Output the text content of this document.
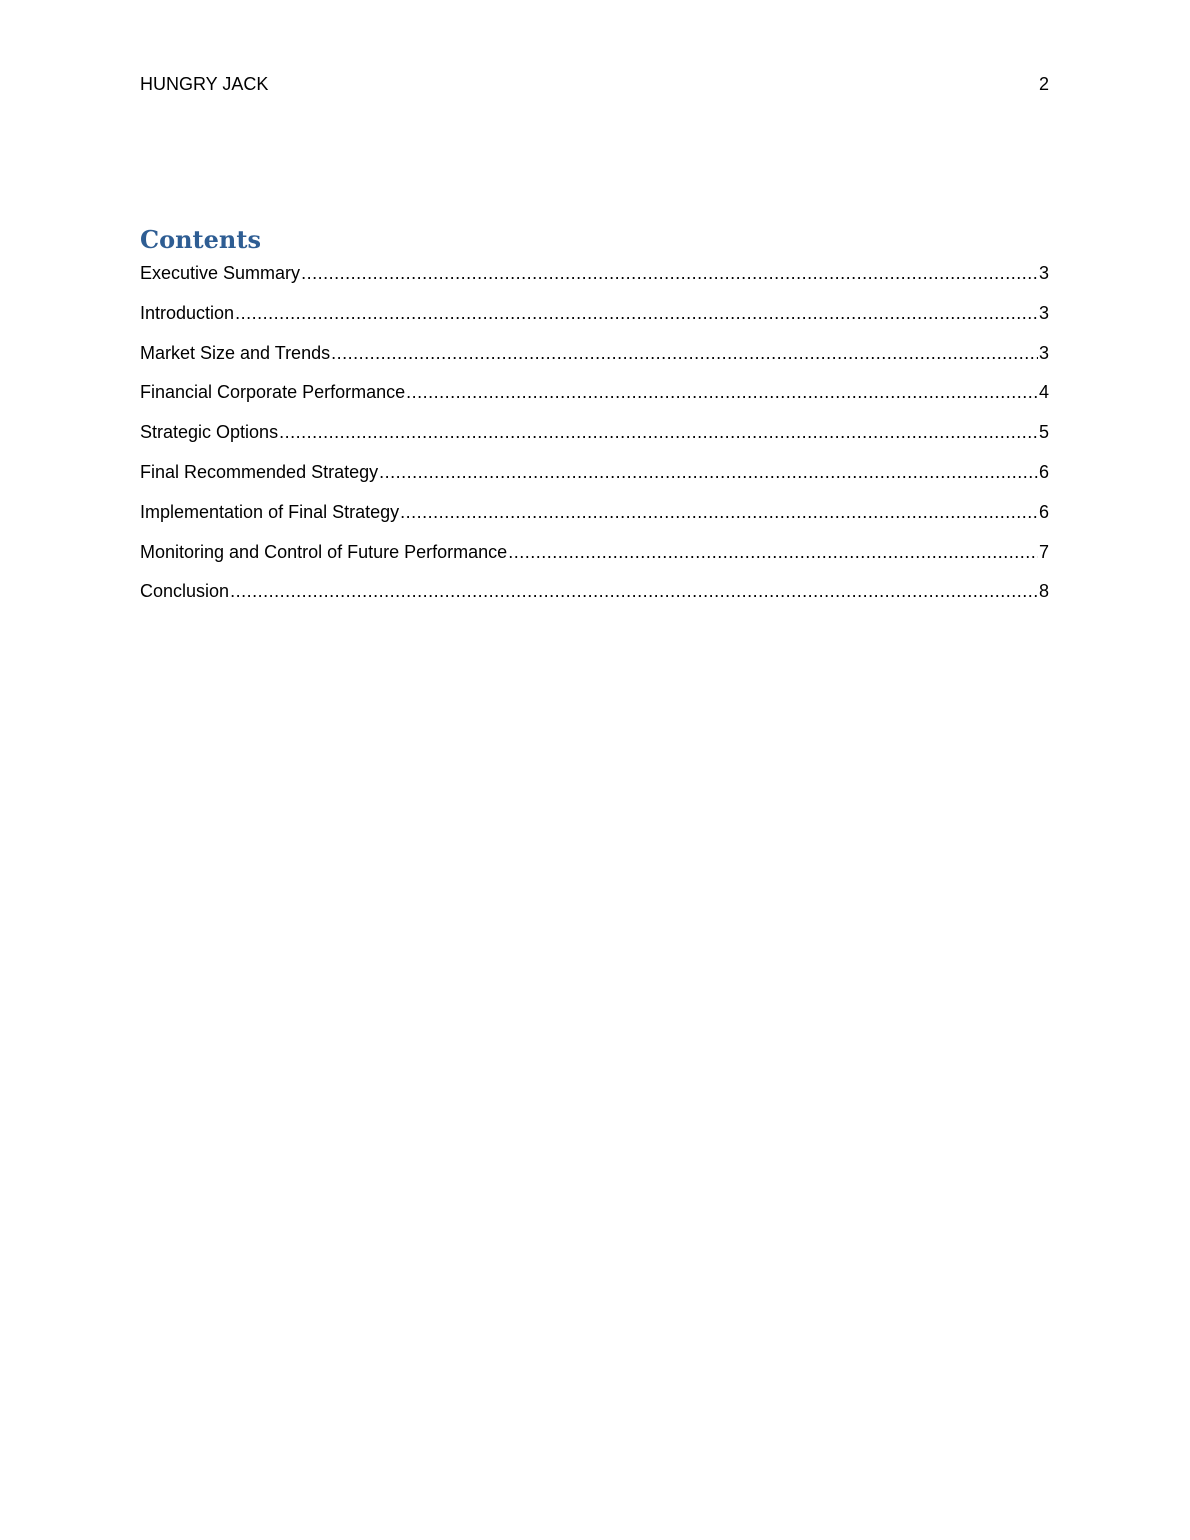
HUNGRY JACK	2
Contents
Executive Summary .....	3
Introduction .....	3
Market Size and Trends .....	3
Financial Corporate Performance .....	4
Strategic Options .....	5
Final Recommended Strategy .....	6
Implementation of Final Strategy .....	6
Monitoring and Control of Future Performance .....	7
Conclusion .....	8
